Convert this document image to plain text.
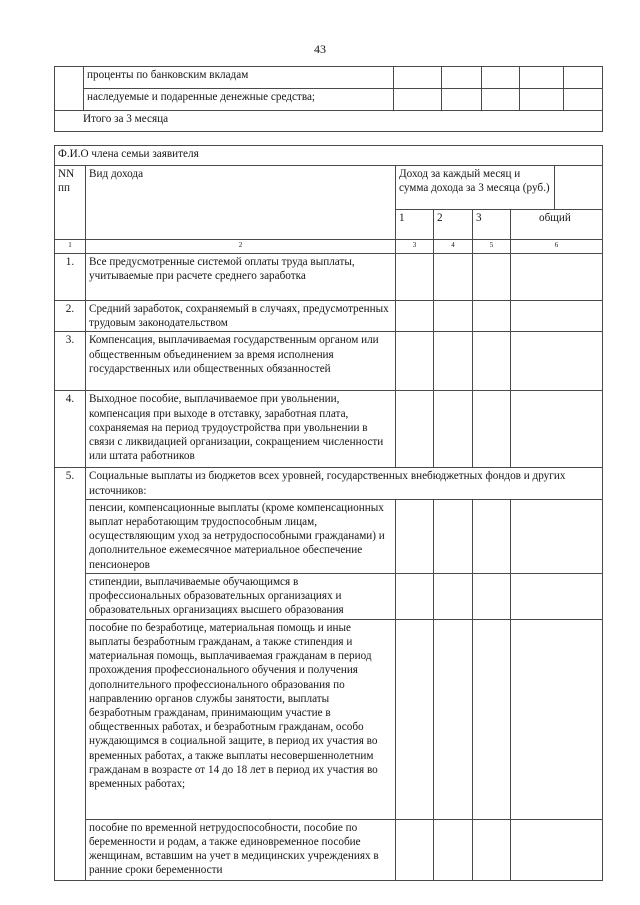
43
	проценты по банковским вкладам					
	наследуемые и подаренные денежные средства;					
Итого за 3 месяца						
Ф.И.О члена семьи заявителя						
NN пп	Вид дохода	Доход за каждый месяц и сумма дохода за 3 месяца (руб.)				
		1	2	3	общий	
1	2	3	4	5	6	
1.	Все предусмотренные системой оплаты труда выплаты, учитываемые при расчете среднего заработка					
2.	Средний заработок, сохраняемый в случаях, предусмотренных трудовым законодательством					
3.	Компенсация, выплачиваемая государственным органом или общественным объединением за время исполнения государственных или общественных обязанностей					
4.	Выходное пособие, выплачиваемое при увольнении, компенсация при выходе в отставку, заработная плата, сохраняемая на период трудоустройства при увольнении в связи с ликвидацией организации, сокращением численности или штата работников					
5.	Социальные выплаты из бюджетов всех уровней, государственных внебюджетных фондов и других источников:					
	пенсии, компенсационные выплаты (кроме компенсационных выплат неработающим трудоспособным лицам, осуществляющим уход за нетрудоспособными гражданами) и дополнительное ежемесячное материальное обеспечение пенсионеров					
	стипендии, выплачиваемые обучающимся в профессиональных образовательных организациях и образовательных организациях высшего образования					
	пособие по безработице, материальная помощь и иные выплаты безработным гражданам, а также стипендия и материальная помощь, выплачиваемая гражданам в период прохождения профессионального обучения и получения дополнительного профессионального образования по направлению органов службы занятости, выплаты безработным гражданам, принимающим участие в общественных работах, и безработным гражданам, особо нуждающимся в социальной защите, в период их участия во временных работах, а также выплаты несовершеннолетним гражданам в возрасте от 14 до 18 лет в период их участия во временных работах;					
	пособие по временной нетрудоспособности, пособие по беременности и родам, а также единовременное пособие женщинам, вставшим на учет в медицинских учреждениях в ранние сроки беременности					
